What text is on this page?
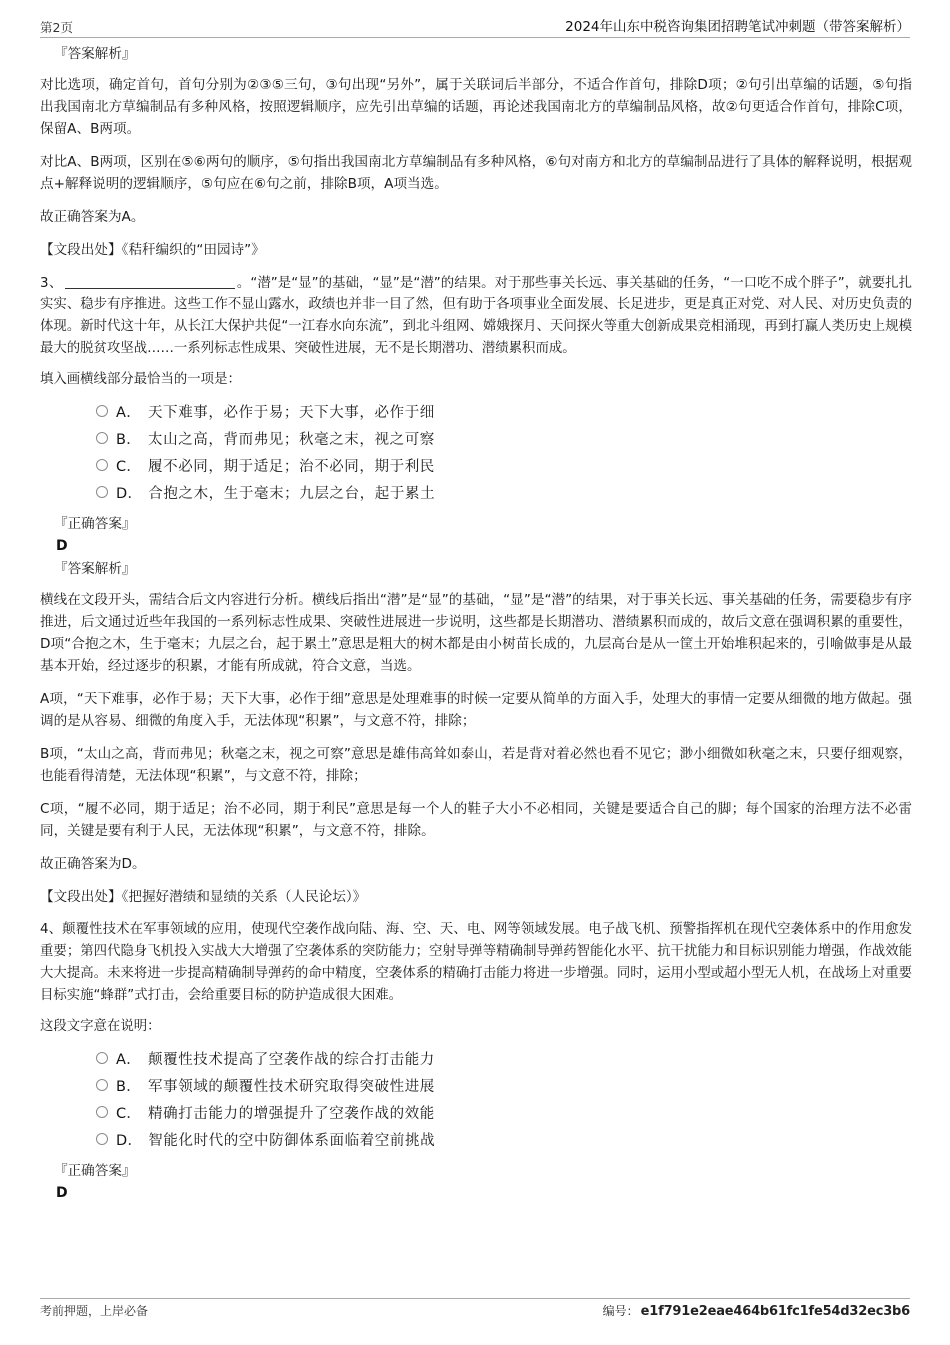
第2页	2024年山东中税咨询集团招聘笔试冲刺题（带答案解析）
『答案解析』
对比选项，确定首句，首句分别为②③⑤三句，③句出现“另外”，属于关联词后半部分，不适合作首句，排除D项；②句引出草编的话题，⑤句指出我国南北方草编制品有多种风格，按照逻辑顺序，应先引出草编的话题，再论述我国南北方的草编制品风格，故②句更适合作首句，排除C项，保留A、B两项。
对比A、B两项，区别在⑤⑥两句的顺序，⑤句指出我国南北方草编制品有多种风格，⑥句对南方和北方的草编制品进行了具体的解释说明，根据观点+解释说明的逻辑顺序，⑤句应在⑥句之前，排除B项，A项当选。
故正确答案为A。
【文段出处】《秸秆编织的“田园诗”》
3、	。“潜”是“显”的基础，“显”是“潜”的结果。对于那些事关长远、事关基础的任务，“一口吃不成个胖子”，就要扎扎实实、稳步有序推进。这些工作不显山露水，政绩也并非一目了然，但有助于各项事业全面发展、长足进步，更是真正对党、对人民、对历史负责的体现。新时代这十年，从长江大保护共促“一江春水向东流”，到北斗组网、嫦娥探月、天问探火等重大创新成果竞相涌现，再到打赢人类历史上规模最大的脱贫攻坚战……一系列标志性成果、突破性进展，无不是长期潜功、潜绩累积而成。
填入画横线部分最恰当的一项是：
A． 天下难事，必作于易；天下大事，必作于细
B． 太山之高，背而弗见；秋毫之末，视之可察
C． 履不必同，期于适足；治不必同，期于利民
D． 合抱之木，生于毫末；九层之台，起于累土
『正确答案』
D
『答案解析』
横线在文段开头，需结合后文内容进行分析。横线后指出“潜”是“显”的基础，“显”是“潜”的结果，对于事关长远、事关基础的任务，需要稳步有序推进，后文通过近些年我国的一系列标志性成果、突破性进展进一步说明，这些都是长期潜功、潜绩累积而成的，故后文意在强调积累的重要性，D项“合抱之木，生于毫末；九层之台，起于累土”意思是粗大的树木都是由小树苗长成的，九层高台是从一筐土开始堆积起来的，引喻做事是从最基本开始，经过逐步的积累，才能有所成就，符合文意，当选。
A项，“天下难事，必作于易；天下大事，必作于细”意思是处理难事的时候一定要从简单的方面入手，处理大的事情一定要从细微的地方做起。强调的是从容易、细微的角度入手，无法体现“积累”，与文意不符，排除；
B项，“太山之高，背而弗见；秋毫之末，视之可察”意思是雄伟高耸如泰山，若是背对着必然也看不见它；渺小细微如秋毫之末，只要仔细观察，也能看得清楚，无法体现“积累”，与文意不符，排除；
C项，“履不必同，期于适足；治不必同，期于利民”意思是每一个人的鞋子大小不必相同，关键是要适合自己的脚；每个国家的治理方法不必雷同，关键是要有利于人民，无法体现“积累”，与文意不符，排除。
故正确答案为D。
【文段出处】《把握好潜绩和显绩的关系（人民论坛）》
4、颠覆性技术在军事领域的应用，使现代空袭作战向陆、海、空、天、电、网等领域发展。电子战飞机、预警指挥机在现代空袭体系中的作用愈发重要；第四代隐身飞机投入实战大大增强了空袭体系的突防能力；空射导弹等精确制导弹药智能化水平、抗干扰能力和目标识别能力增强，作战效能大大提高。未来将进一步提高精确制导弹药的命中精度，空袭体系的精确打击能力将进一步增强。同时，运用小型或超小型无人机，在战场上对重要目标实施“蜂群”式打击，会给重要目标的防护造成很大困难。
这段文字意在说明：
A． 颠覆性技术提高了空袭作战的综合打击能力
B． 军事领域的颠覆性技术研究取得突破性进展
C． 精确打击能力的增强提升了空袭作战的效能
D． 智能化时代的空中防御体系面临着空前挑战
『正确答案』
D
考前押题，上岸必备	编号： e1f791e2eae464b61fc1fe54d32ec3b6
